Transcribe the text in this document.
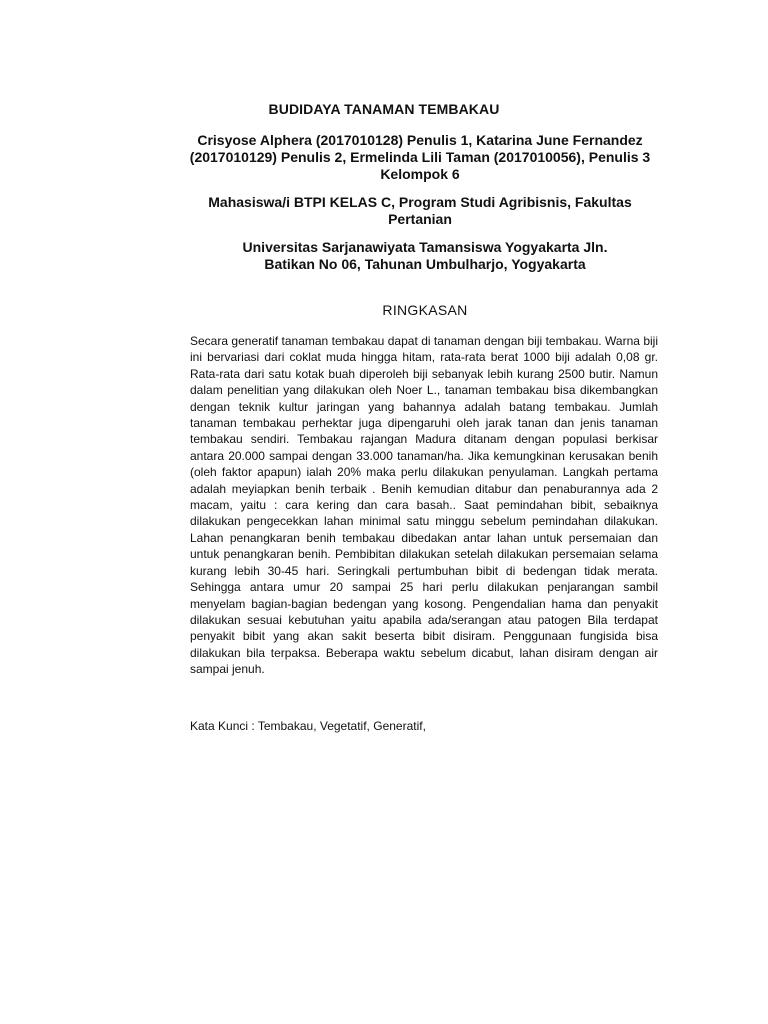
BUDIDAYA TANAMAN TEMBAKAU
Crisyose Alphera (2017010128) Penulis 1, Katarina June Fernandez (2017010129) Penulis 2, Ermelinda Lili Taman (2017010056), Penulis 3 Kelompok 6
Mahasiswa/i BTPI KELAS C, Program Studi Agribisnis, Fakultas Pertanian
Universitas Sarjanawiyata Tamansiswa Yogyakarta Jln. Batikan No 06, Tahunan Umbulharjo, Yogyakarta
RINGKASAN

Secara generatif tanaman tembakau dapat di tanaman dengan biji tembakau. Warna biji ini bervariasi dari coklat muda hingga hitam, rata-rata berat 1000 biji adalah 0,08 gr. Rata-rata dari satu kotak buah diperoleh biji sebanyak lebih kurang 2500 butir. Namun dalam penelitian yang dilakukan oleh Noer L., tanaman tembakau bisa dikembangkan dengan teknik kultur jaringan yang bahannya adalah batang tembakau. Jumlah tanaman tembakau perhektar juga dipengaruhi oleh jarak tanan dan jenis tanaman tembakau sendiri. Tembakau rajangan Madura ditanam dengan populasi berkisar antara 20.000 sampai dengan 33.000 tanaman/ha. Jika kemungkinan kerusakan benih (oleh faktor apapun) ialah 20% maka perlu dilakukan penyulaman. Langkah pertama adalah meyiapkan benih terbaik . Benih kemudian ditabur dan penaburannya ada 2 macam, yaitu : cara kering dan cara basah.. Saat pemindahan bibit, sebaiknya dilakukan pengecekkan lahan minimal satu minggu sebelum pemindahan dilakukan. Lahan penangkaran benih tembakau dibedakan antar lahan untuk persemaian dan untuk penangkaran benih. Pembibitan dilakukan setelah dilakukan persemaian selama kurang lebih 30-45 hari. Seringkali pertumbuhan bibit di bedengan tidak merata. Sehingga antara umur 20 sampai 25 hari perlu dilakukan penjarangan sambil menyelam bagian-bagian bedengan yang kosong. Pengendalian hama dan penyakit dilakukan sesuai kebutuhan yaitu apabila ada/serangan atau patogen Bila terdapat penyakit bibit yang akan sakit beserta bibit disiram. Penggunaan fungisida bisa dilakukan bila terpaksa. Beberapa waktu sebelum dicabut, lahan disiram dengan air sampai jenuh.

Kata Kunci : Tembakau, Vegetatif, Generatif,
